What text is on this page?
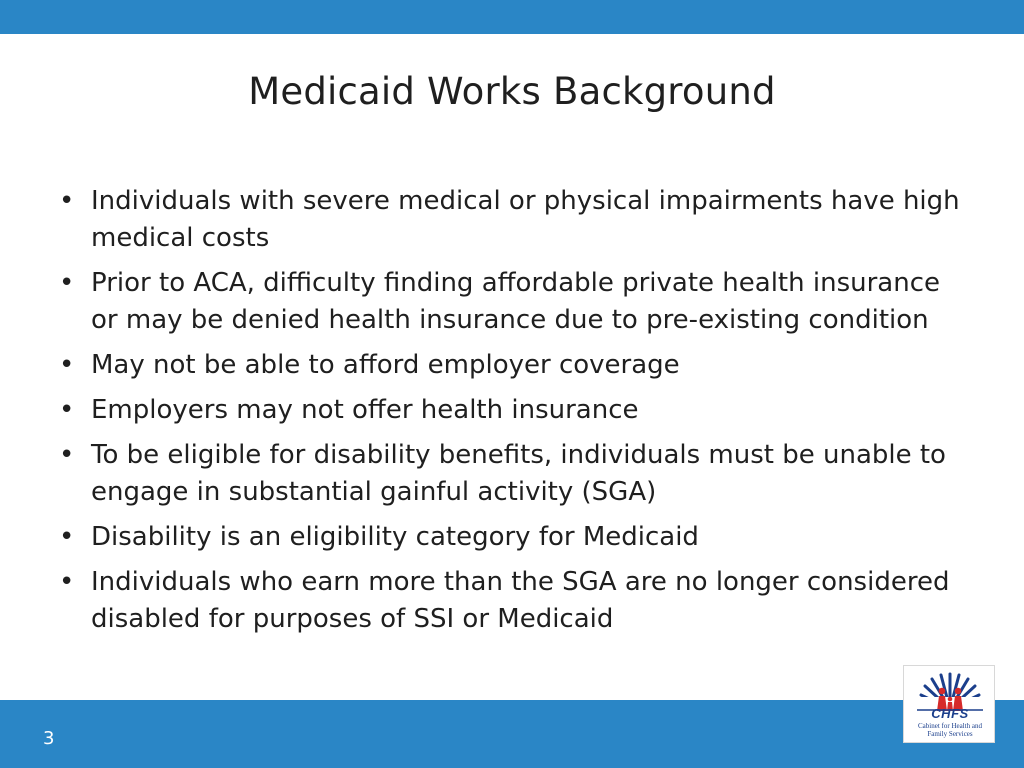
Medicaid Works Background
• Individuals with severe medical or physical impairments have high medical costs
• Prior to ACA, difficulty finding affordable private health insurance or may be denied health insurance due to pre-existing condition
• May not be able to afford employer coverage
• Employers may not offer health insurance
• To be eligible for disability benefits, individuals must be unable to engage in substantial gainful activity (SGA)
• Disability is an eligibility category for Medicaid
• Individuals who earn more than the SGA are no longer considered disabled for purposes of SSI or Medicaid
3
CHFS
Cabinet for Health and
Family Services
